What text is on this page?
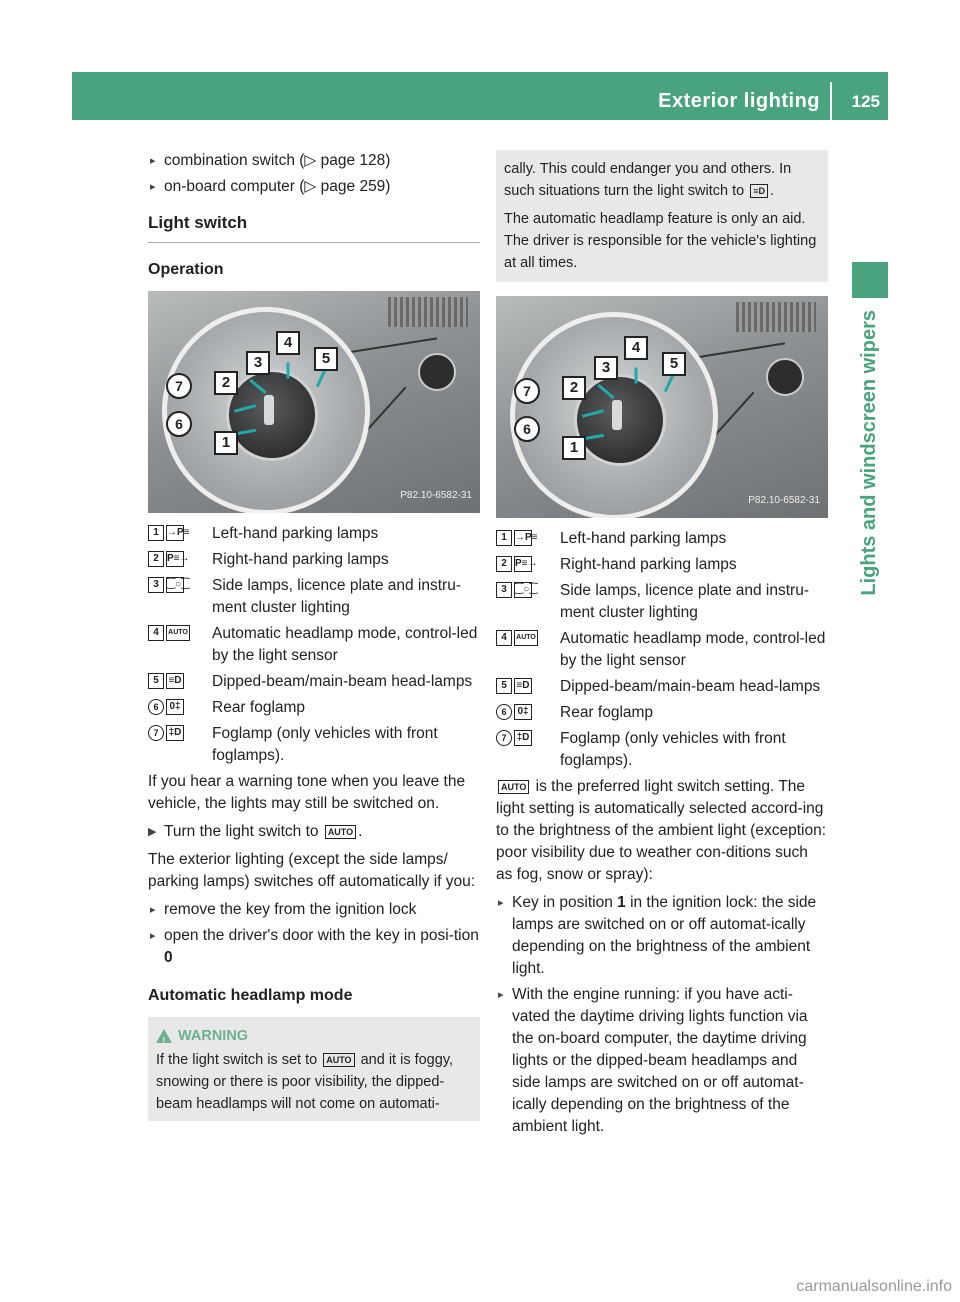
Exterior lighting 125
Lights and windscreen wipers
▸ combination switch (▷ page 128)
▸ on-board computer (▷ page 259)
Light switch
Operation
1
2
3
4
5
6
7
P82.10-6582-31
1 →P≡ Left-hand parking lamps
2 P≡→ Right-hand parking lamps
3 ⁐○⁐ Side lamps, licence plate and instru-ment cluster lighting
4	AUTO Automatic headlamp mode, control-led by the light sensor
5 ≡D Dipped-beam/main-beam head-lamps
6	0‡ Rear foglamp
7	‡D Foglamp (only vehicles with front foglamps).

If you hear a warning tone when you leave the vehicle, the lights may still be switched on.

▶ Turn the light switch to AUTO .

The exterior lighting (except the side lamps/ parking lamps) switches off automatically if you:

▸ remove the key from the ignition lock
▸ open the driver's door with the key in posi-tion 0
Automatic headlamp mode
!
WARNING
If the light switch is set to AUTO and it is foggy, snowing or there is poor visibility, the dipped-beam headlamps will not come on automati-

cally. This could endanger you and others. In such situations turn the light switch to ≡D .

The automatic headlamp feature is only an aid. The driver is responsible for the vehicle's lighting at all times.

1
2
3
4
5
6
7
P82.10-6582-31
1 →P≡ Left-hand parking lamps
2 P≡→ Right-hand parking lamps
3 ⁐○⁐ Side lamps, licence plate and instru-ment cluster lighting
4	AUTO Automatic headlamp mode, control-led by the light sensor
5 ≡D Dipped-beam/main-beam head-lamps
6	0‡ Rear foglamp
7	‡D Foglamp (only vehicles with front foglamps).

AUTO is the preferred light switch setting. The light setting is automatically selected accord-ing to the brightness of the ambient light (exception: poor visibility due to weather con-ditions such as fog, snow or spray):

▸ Key in position 1 in the ignition lock: the side lamps are switched on or off automat-ically depending on the brightness of the ambient light.
▸ With the engine running: if you have acti-vated the daytime driving lights function via the on-board computer, the daytime driving lights or the dipped-beam headlamps and side lamps are switched on or off automat-ically depending on the brightness of the ambient light.
carmanualsonline.info
